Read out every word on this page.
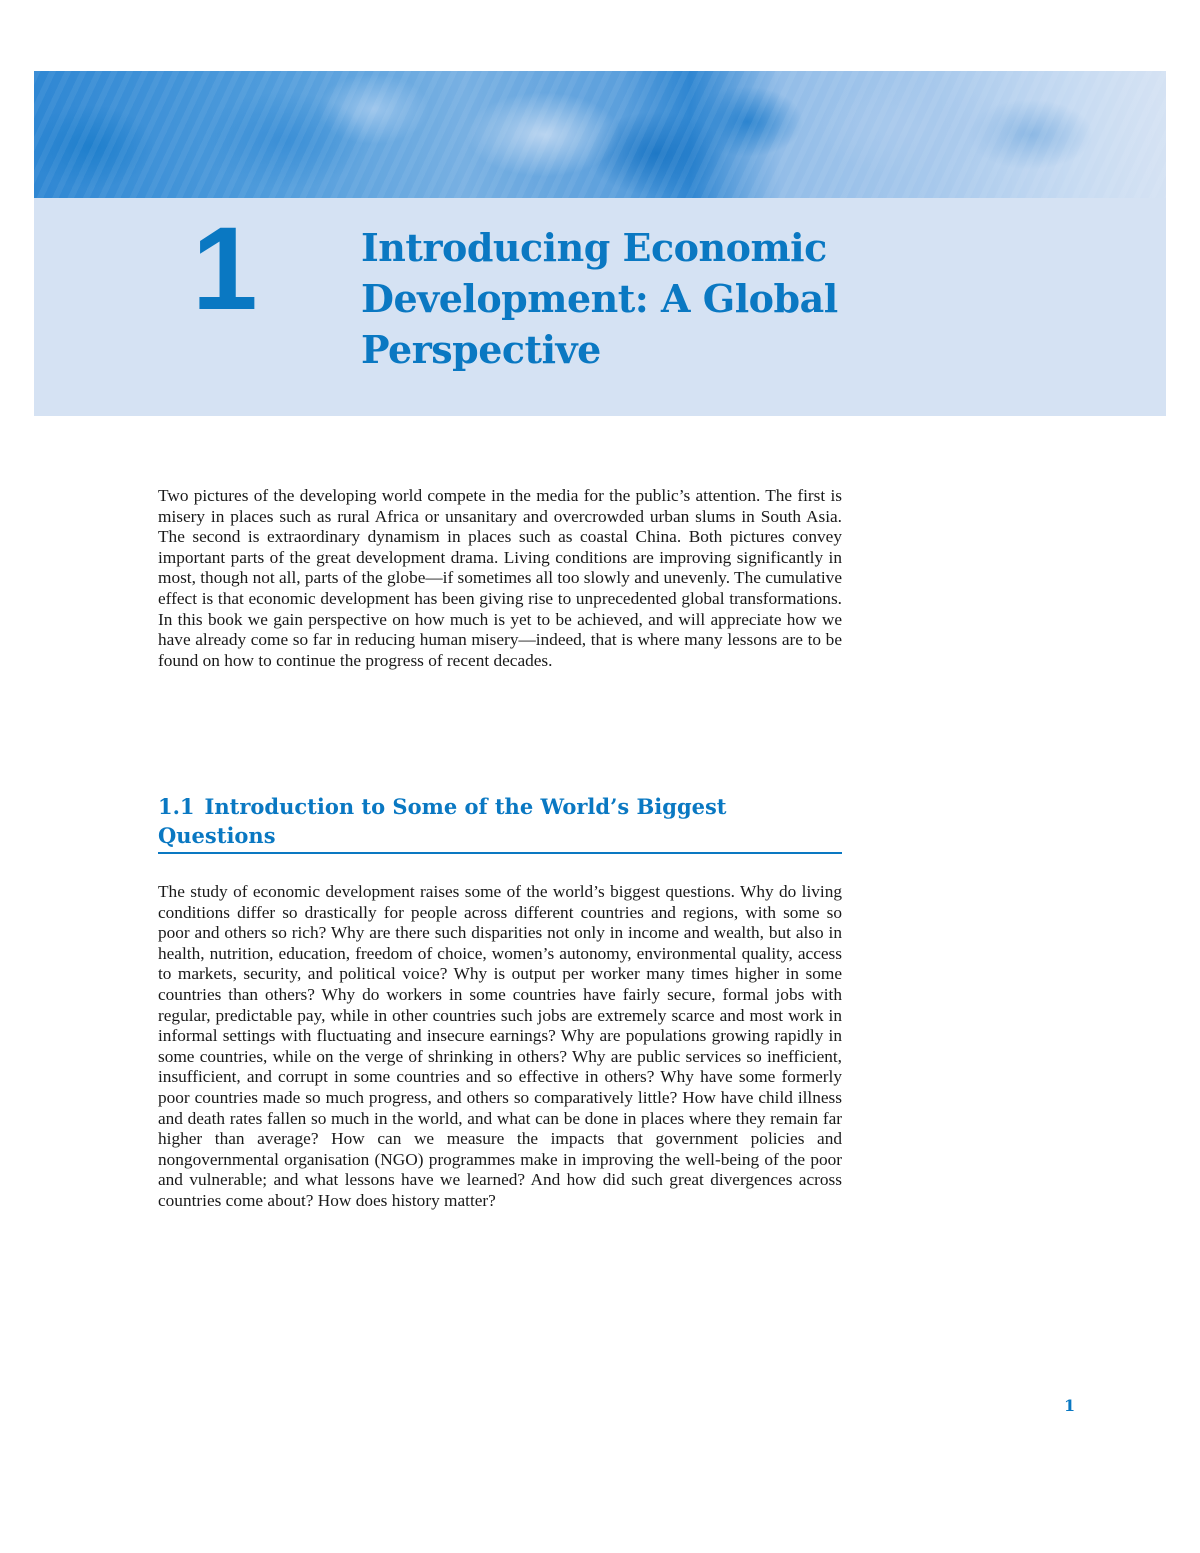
1	Introducing Economic Development: A Global Perspective

Two pictures of the developing world compete in the media for the public’s attention. The first is misery in places such as rural Africa or unsanitary and overcrowded urban slums in South Asia. The second is extraordinary dynamism in places such as coastal China. Both pictures convey important parts of the great development drama. Living conditions are improving significantly in most, though not all, parts of the globe—if sometimes all too slowly and unevenly. The cumulative effect is that economic development has been giving rise to unprecedented global transformations. In this book we gain perspective on how much is yet to be achieved, and will appreciate how we have already come so far in reducing human misery—indeed, that is where many lessons are to be found on how to continue the progress of recent decades.

1.1 Introduction to Some of the World’s Biggest Questions

The study of economic development raises some of the world’s biggest questions. Why do living conditions differ so drastically for people across different countries and regions, with some so poor and others so rich? Why are there such disparities not only in income and wealth, but also in health, nutrition, education, freedom of choice, women’s autonomy, environmental quality, access to markets, security, and political voice? Why is output per worker many times higher in some countries than others? Why do workers in some countries have fairly secure, formal jobs with regular, predictable pay, while in other countries such jobs are extremely scarce and most work in informal settings with fluctuating and insecure earnings? Why are populations growing rapidly in some countries, while on the verge of shrinking in others? Why are public services so inefficient, insufficient, and corrupt in some countries and so effective in others? Why have some formerly poor countries made so much progress, and others so comparatively little? How have child illness and death rates fallen so much in the world, and what can be done in places where they remain far higher than average? How can we measure the impacts that government policies and nongovernmental organisation (NGO) programmes make in improving the well-being of the poor and vulnerable; and what lessons have we learned? And how did such great divergences across countries come about? How does history matter?

1
